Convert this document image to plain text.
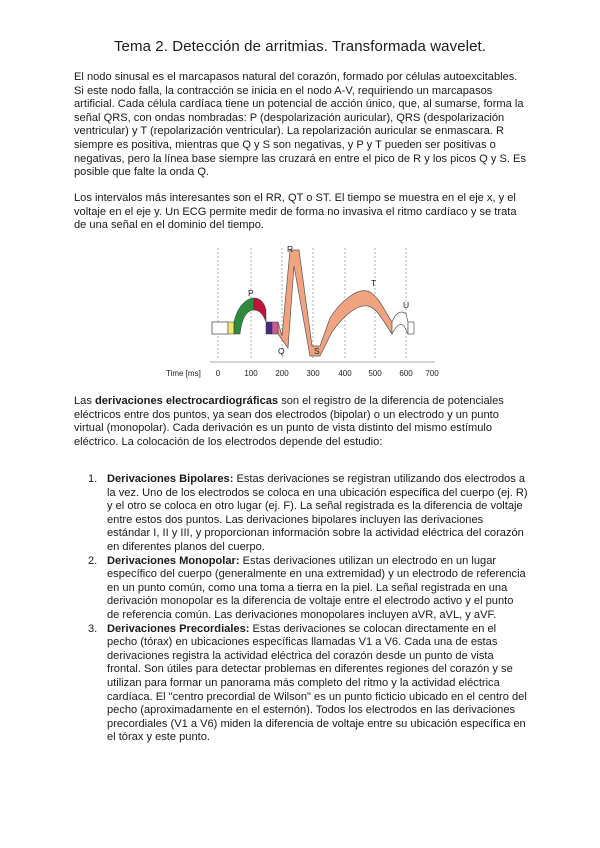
Tema 2. Detección de arritmias. Transformada wavelet.

El nodo sinusal es el marcapasos natural del corazón, formado por células autoexcitables. Si este nodo falla, la contracción se inicia en el nodo A-V, requiriendo un marcapasos artificial. Cada célula cardíaca tiene un potencial de acción único, que, al sumarse, forma la señal QRS, con ondas nombradas: P (despolarización auricular), QRS (despolarización ventricular) y T (repolarización ventricular). La repolarización auricular se enmascara. R siempre es positiva, mientras que Q y S son negativas, y P y T pueden ser positivas o negativas, pero la línea base siempre las cruzará en entre el pico de R y los picos Q y S. Es posible que falte la onda Q.

Los intervalos más interesantes son el RR, QT o ST. El tiempo se muestra en el eje x, y el voltaje en el eje y. Un ECG permite medir de forma no invasiva el ritmo cardíaco y se trata de una señal en el dominio del tiempo.

P
Q
R
S
T
U
Time [ms] 0	100 200 300 400 500 600 700

Las derivaciones electrocardiográficas son el registro de la diferencia de potenciales eléctricos entre dos puntos, ya sean dos electrodos (bipolar) o un electrodo y un punto virtual (monopolar). Cada derivación es un punto de vista distinto del mismo estímulo eléctrico. La colocación de los electrodos depende del estudio:

1. Derivaciones Bipolares: Estas derivaciones se registran utilizando dos electrodos a la vez. Uno de los electrodos se coloca en una ubicación específica del cuerpo (ej. R) y el otro se coloca en otro lugar (ej. F). La señal registrada es la diferencia de voltaje entre estos dos puntos. Las derivaciones bipolares incluyen las derivaciones estándar I, II y III, y proporcionan información sobre la actividad eléctrica del corazón en diferentes planos del cuerpo.
2. Derivaciones Monopolar: Estas derivaciones utilizan un electrodo en un lugar específico del cuerpo (generalmente en una extremidad) y un electrodo de referencia en un punto común, como una toma a tierra en la piel. La señal registrada en una derivación monopolar es la diferencia de voltaje entre el electrodo activo y el punto de referencia común. Las derivaciones monopolares incluyen aVR, aVL, y aVF.
3. Derivaciones Precordiales: Estas derivaciones se colocan directamente en el pecho (tórax) en ubicaciones específicas llamadas V1 a V6. Cada una de estas derivaciones registra la actividad eléctrica del corazón desde un punto de vista frontal. Son útiles para detectar problemas en diferentes regiones del corazón y se utilizan para formar un panorama más completo del ritmo y la actividad eléctrica cardíaca. El "centro precordial de Wilson" es un punto ficticio ubicado en el centro del pecho (aproximadamente en el esternón). Todos los electrodos en las derivaciones precordiales (V1 a V6) miden la diferencia de voltaje entre su ubicación específica en el tórax y este punto.
